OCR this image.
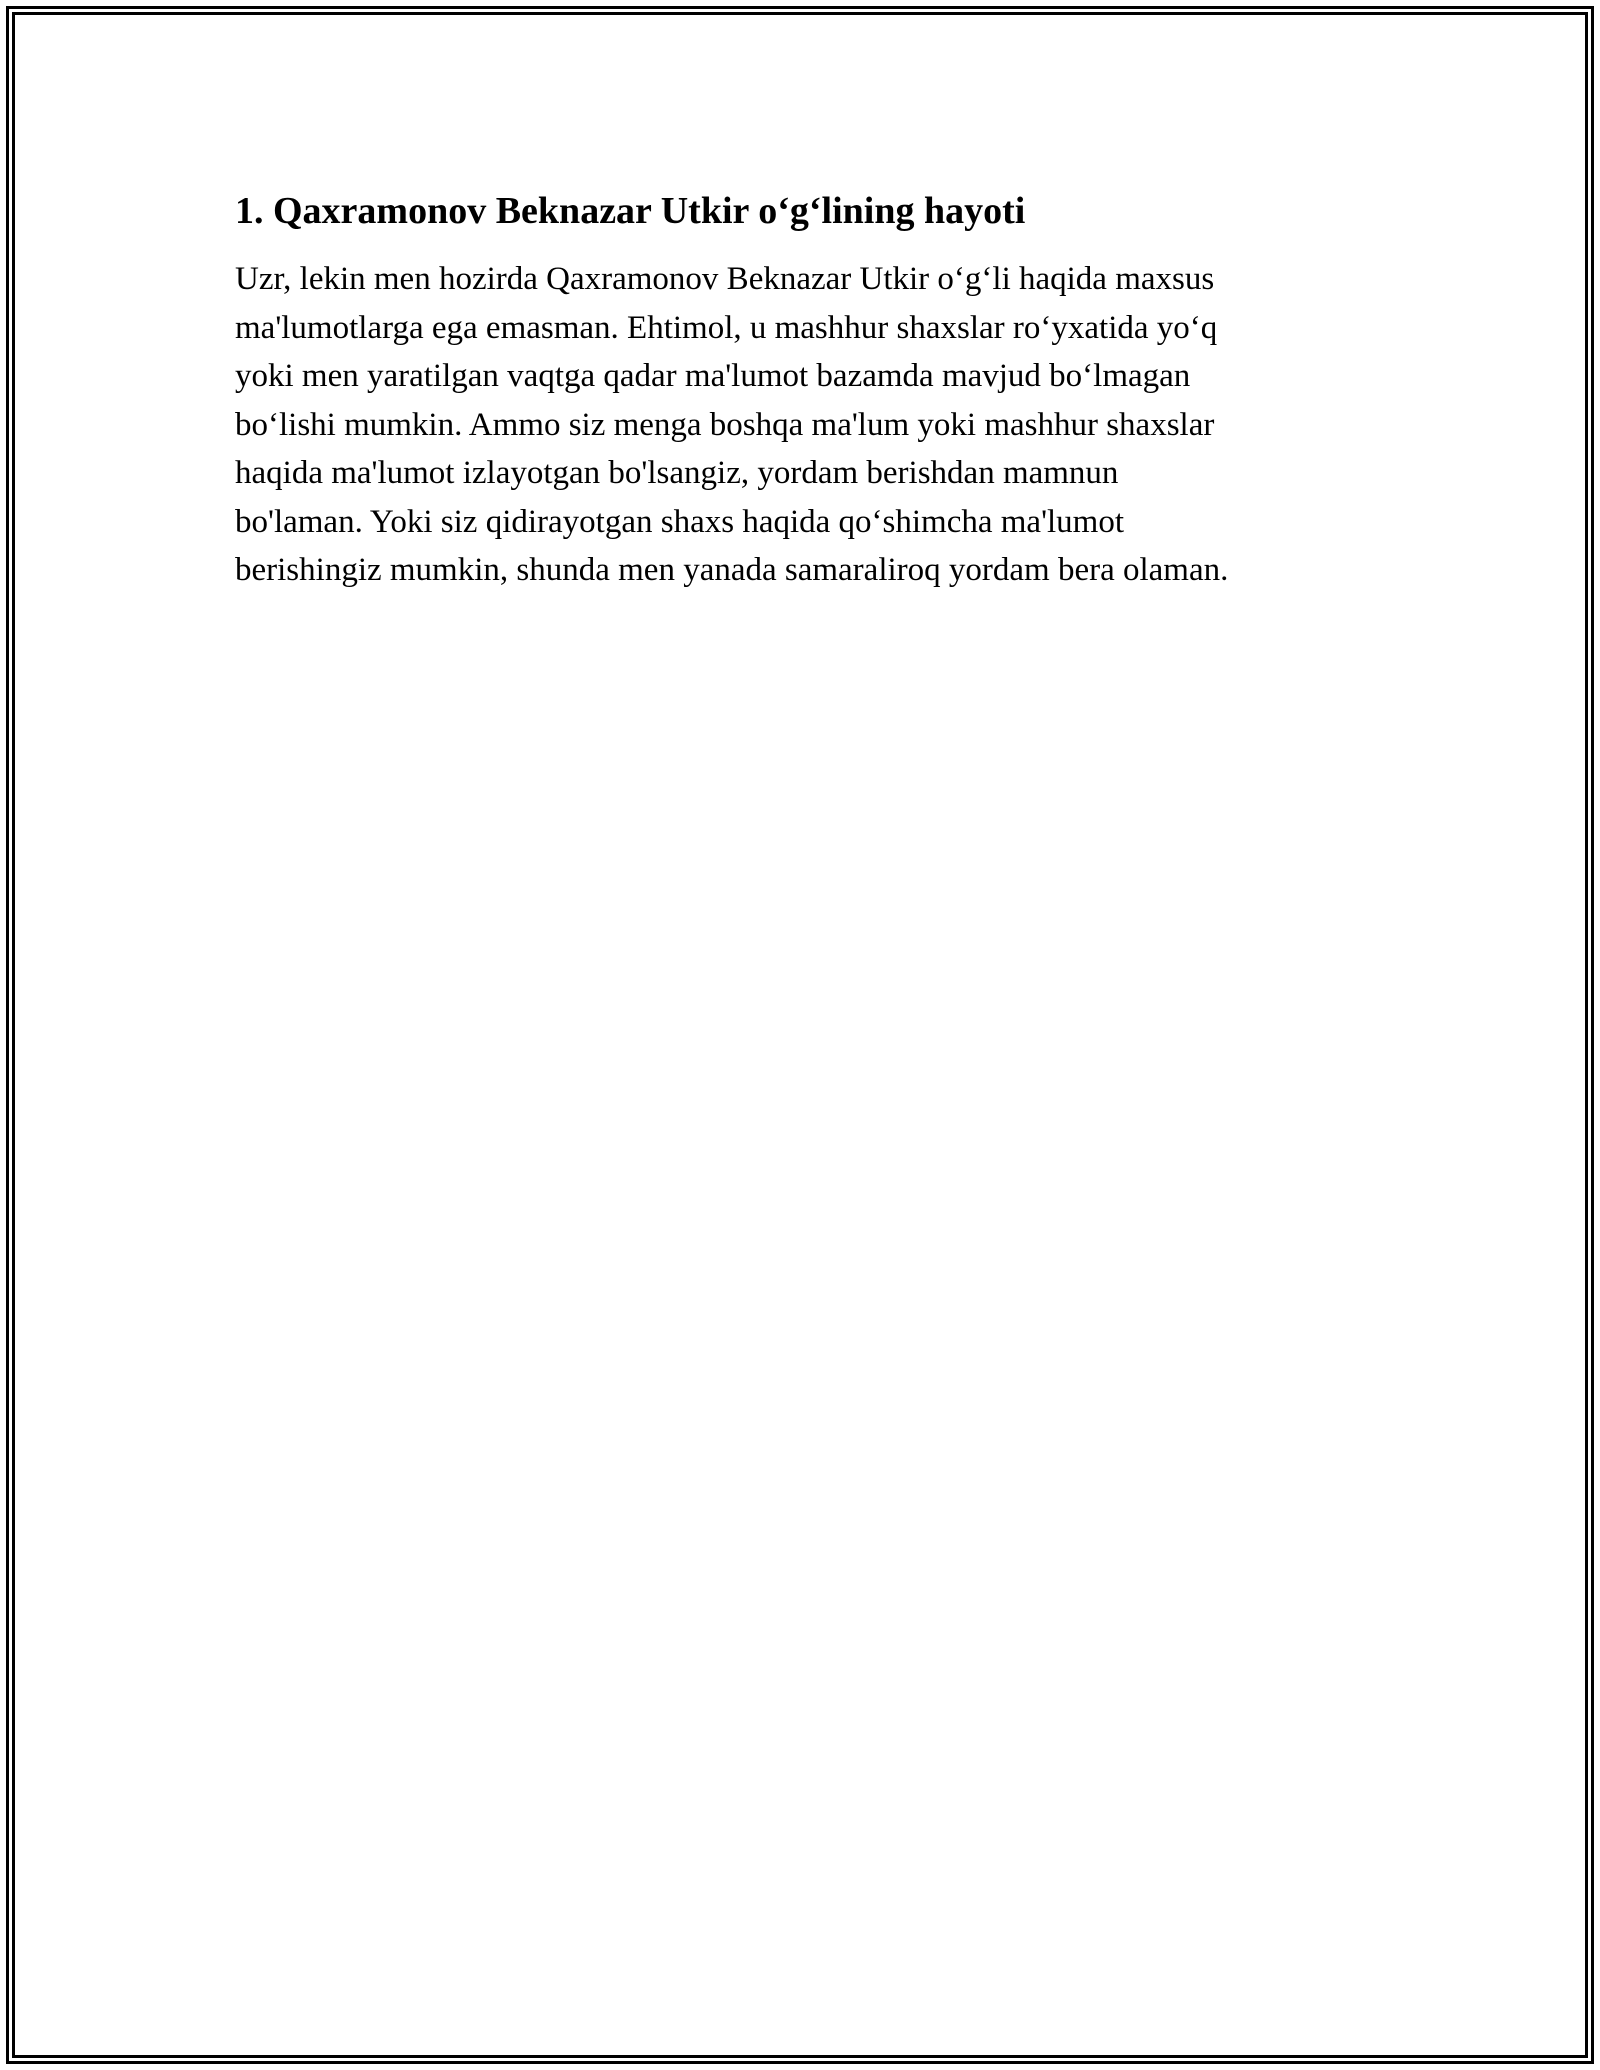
1. Qaxramonov Beknazar Utkir o‘g‘lining hayoti

Uzr, lekin men hozirda Qaxramonov Beknazar Utkir o‘g‘li haqida maxsus
ma'lumotlarga ega emasman. Ehtimol, u mashhur shaxslar ro‘yxatida yo‘q
yoki men yaratilgan vaqtga qadar ma'lumot bazamda mavjud bo‘lmagan
bo‘lishi mumkin. Ammo siz menga boshqa ma'lum yoki mashhur shaxslar
haqida ma'lumot izlayotgan bo'lsangiz, yordam berishdan mamnun
bo'laman. Yoki siz qidirayotgan shaxs haqida qo‘shimcha ma'lumot
berishingiz mumkin, shunda men yanada samaraliroq yordam bera olaman.
